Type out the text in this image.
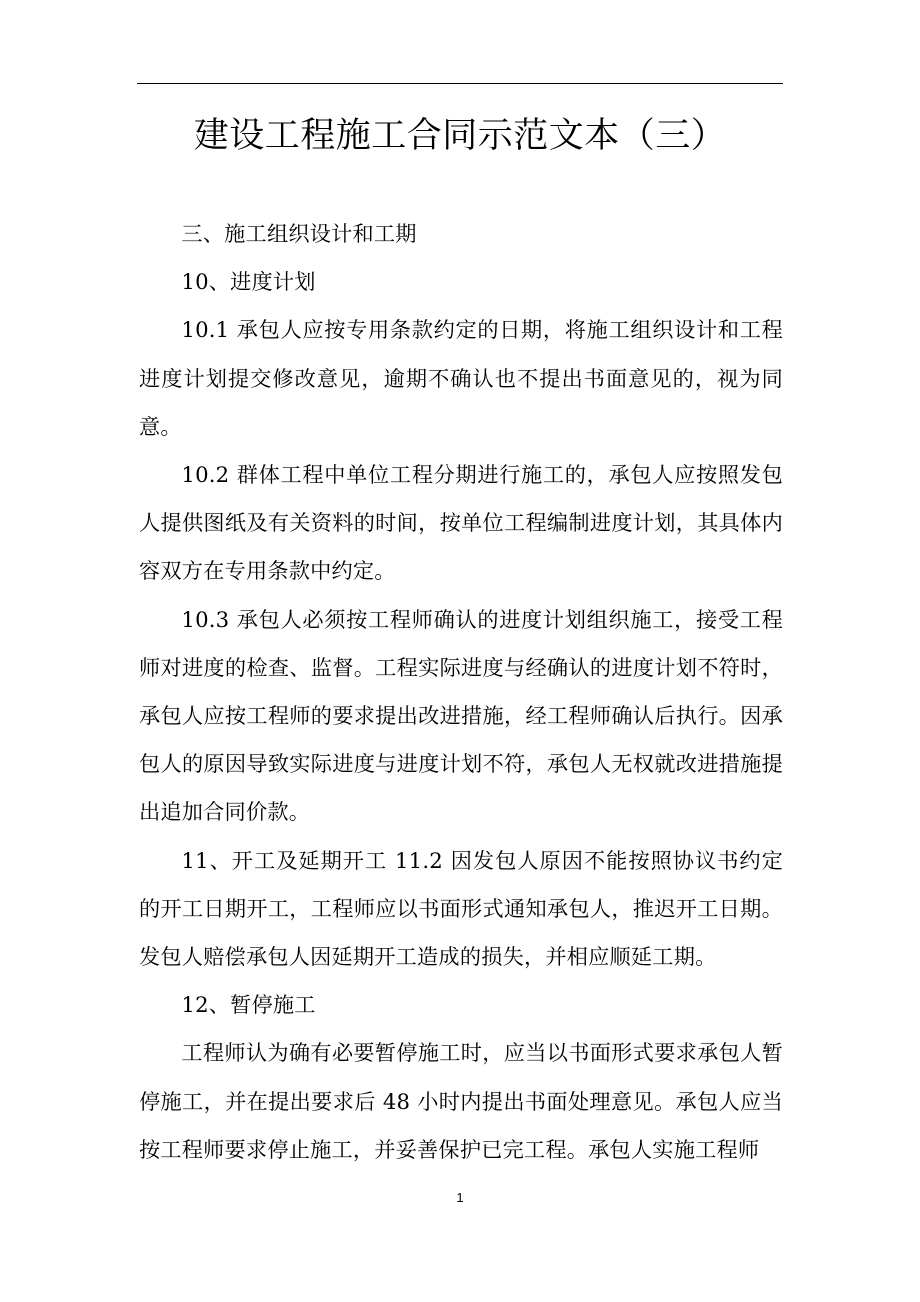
建设工程施工合同示范文本（三）

三、施工组织设计和工期

10、进度计划

10.1 承包人应按专用条款约定的日期，将施工组织设计和工程进度计划提交修改意见，逾期不确认也不提出书面意见的，视为同意。

10.2 群体工程中单位工程分期进行施工的，承包人应按照发包人提供图纸及有关资料的时间，按单位工程编制进度计划，其具体内容双方在专用条款中约定。

10.3 承包人必须按工程师确认的进度计划组织施工，接受工程师对进度的检查、监督。工程实际进度与经确认的进度计划不符时，承包人应按工程师的要求提出改进措施，经工程师确认后执行。因承包人的原因导致实际进度与进度计划不符，承包人无权就改进措施提出追加合同价款。

11、开工及延期开工 11.2 因发包人原因不能按照协议书约定的开工日期开工，工程师应以书面形式通知承包人，推迟开工日期。发包人赔偿承包人因延期开工造成的损失，并相应顺延工期。

12、暂停施工

工程师认为确有必要暂停施工时，应当以书面形式要求承包人暂停施工，并在提出要求后 48 小时内提出书面处理意见。承包人应当按工程师要求停止施工，并妥善保护已完工程。承包人实施工程师

1
